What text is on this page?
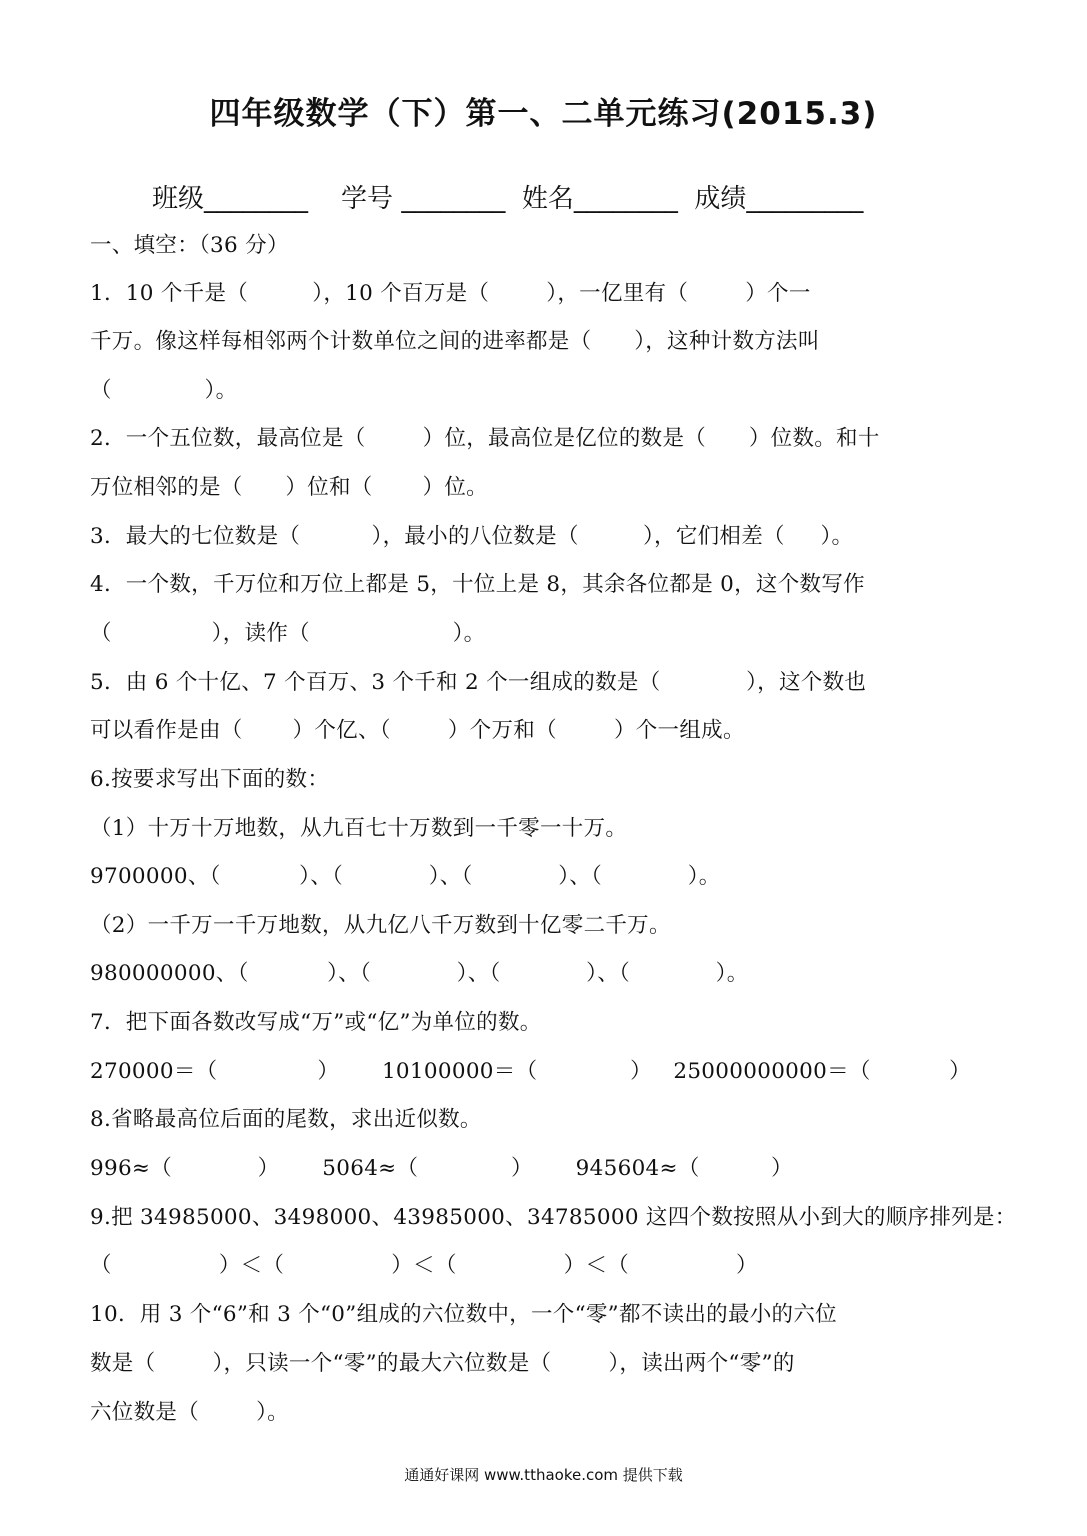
四年级数学（下）第一、二单元练习(2015.3)
班级________    学号 ________  姓名________  成绩_________
一、填空：（36 分）
1．10 个千是（         ），10 个百万是（        ），一亿里有（        ）个一
千万。像这样每相邻两个计数单位之间的进率都是（      ），这种计数方法叫
（             ）。
2．一个五位数，最高位是（        ）位，最高位是亿位的数是（      ）位数。和十
万位相邻的是（      ）位和（       ）位。
3．最大的七位数是（          ），最小的八位数是（         ），它们相差（     ）。
4．一个数，千万位和万位上都是 5，十位上是 8，其余各位都是 0，这个数写作
（              ），读作（                    ）。
5．由 6 个十亿、7 个百万、3 个千和 2 个一组成的数是（            ），这个数也
可以看作是由（       ）个亿、（        ）个万和（        ）个一组成。
6.按要求写出下面的数：
（1）十万十万地数，从九百七十万数到一千零一十万。
9700000、（           ）、（            ）、（            ）、（            ）。
（2）一千万一千万地数，从九亿八千万数到十亿零二千万。
980000000、（           ）、（            ）、（            ）、（            ）。
7．把下面各数改写成“万”或“亿”为单位的数。
270000＝（              ）      10100000＝（             ）   25000000000＝（           ）
8.省略最高位后面的尾数，求出近似数。
996≈（            ）      5064≈（             ）      945604≈（          ）
9.把 34985000、3498000、43985000、34785000 这四个数按照从小到大的顺序排列是：
（               ）＜（               ）＜（               ）＜（               ）
10．用 3 个“6”和 3 个“0”组成的六位数中，一个“零”都不读出的最小的六位
数是（        ），只读一个“零”的最大六位数是（        ），读出两个“零”的
六位数是（        ）。
通通好课网 www.tthaoke.com 提供下载
